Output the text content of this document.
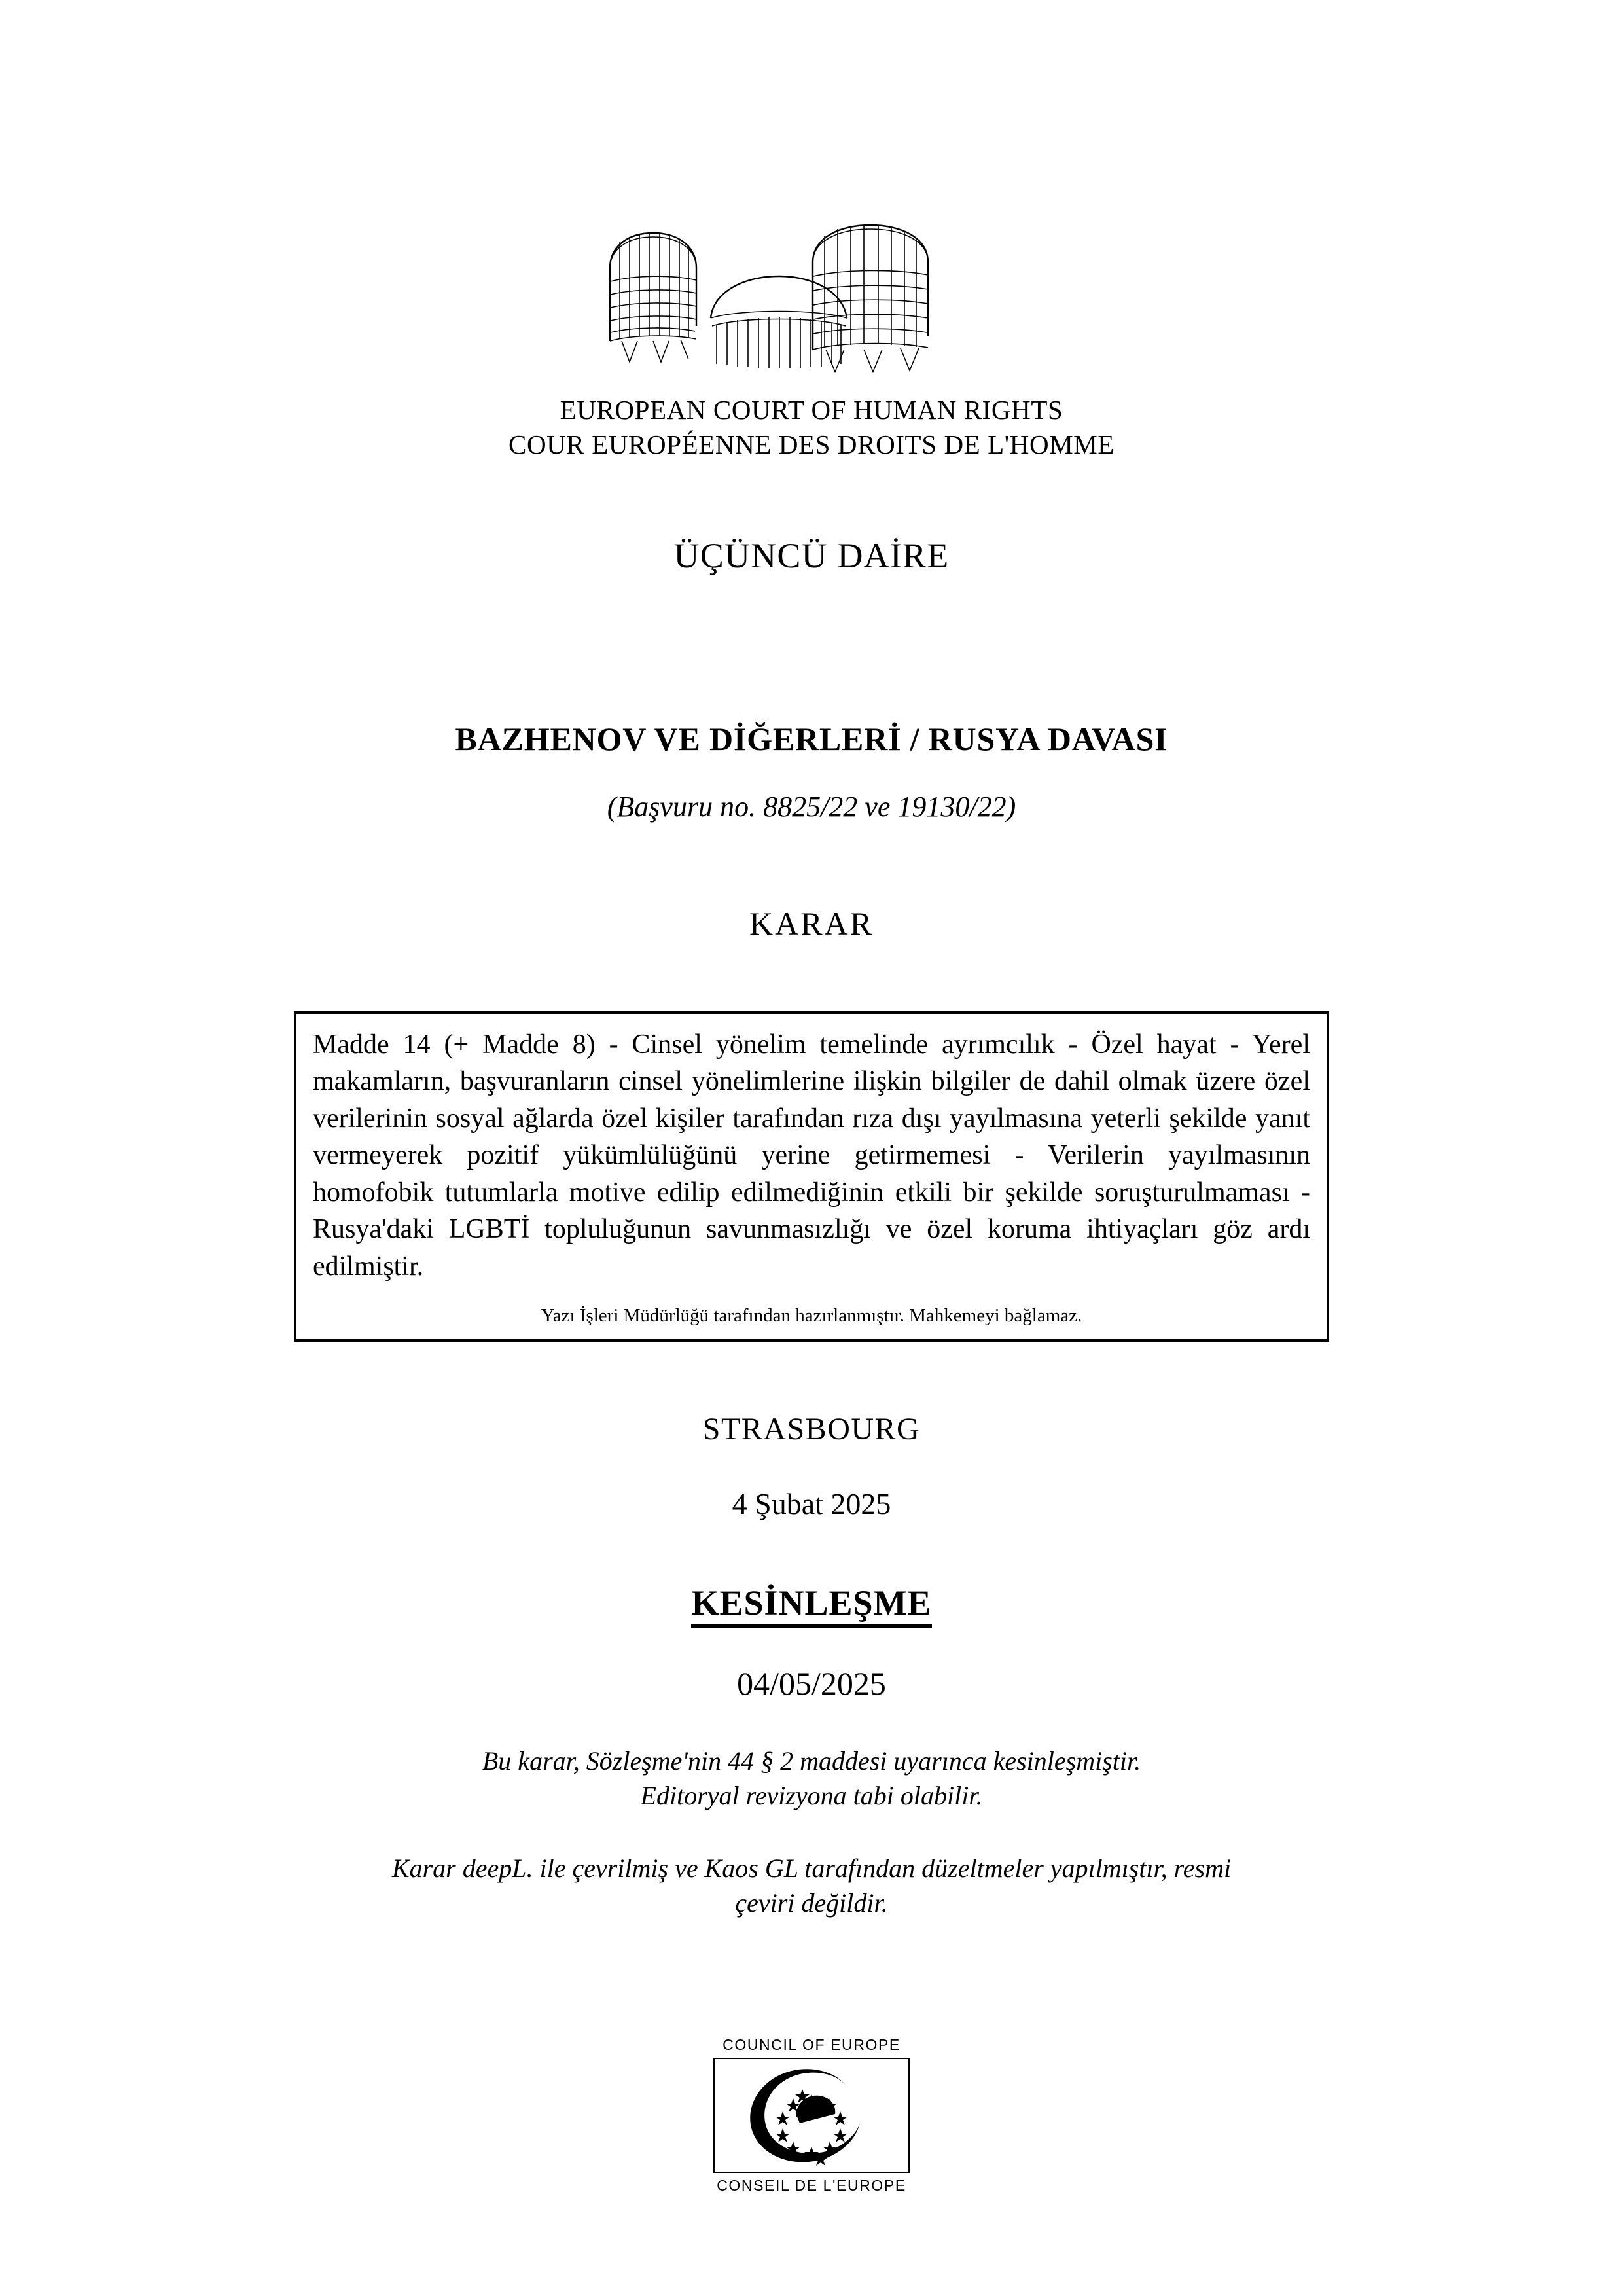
EUROPEAN COURT OF HUMAN RIGHTS
COUR EUROPÉENNE DES DROITS DE L'HOMME
ÜÇÜNCÜ DAİRE
BAZHENOV VE DİĞERLERİ / RUSYA DAVASI
(Başvuru no. 8825/22 ve 19130/22)
KARAR

Madde 14 (+ Madde 8) - Cinsel yönelim temelinde ayrımcılık - Özel hayat - Yerel makamların, başvuranların cinsel yönelimlerine ilişkin bilgiler de dahil olmak üzere özel verilerinin sosyal ağlarda özel kişiler tarafından rıza dışı yayılmasına yeterli şekilde yanıt vermeyerek pozitif yükümlülüğünü yerine getirmemesi - Verilerin yayılmasının homofobik tutumlarla motive edilip edilmediğinin etkili bir şekilde soruşturulmaması - Rusya'daki LGBTİ topluluğunun savunmasızlığı ve özel koruma ihtiyaçları göz ardı edilmiştir.

Yazı İşleri Müdürlüğü tarafından hazırlanmıştır. Mahkemeyi bağlamaz.

STRASBOURG
4 Şubat 2025
KESİNLEŞME
04/05/2025
Bu karar, Sözleşme'nin 44 § 2 maddesi uyarınca kesinleşmiştir.
Editoryal revizyona tabi olabilir.
Karar deepL. ile çevrilmiş ve Kaos GL tarafından düzeltmeler yapılmıştır, resmi
çeviri değildir.
COUNCIL OF EUROPE
CONSEIL DE L'EUROPE
